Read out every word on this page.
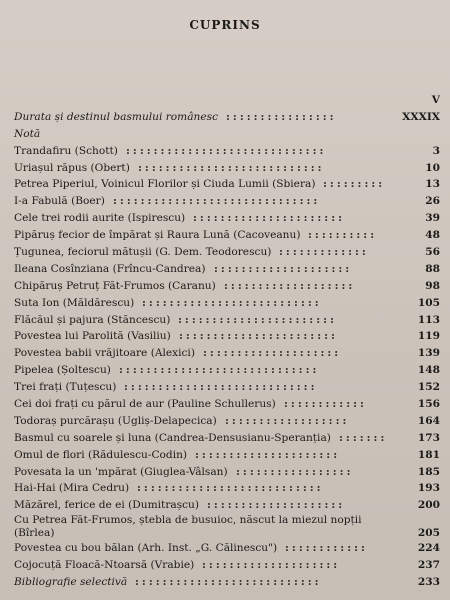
CUPRINS
V
Durata și destinul basmului românesc	XXXIX
::::::::::::::::
Notă
Trandafiru (Schott)	3
:::::::::::::::::::::::::::::
Uriașul răpus (Obert)	10
:::::::::::::::::::::::::::
Petrea Piperiul, Voinicul Florilor și Ciuda Lumii (Sbiera)	13
:::::::::
I-a Fabulă (Boer)	26
::::::::::::::::::::::::::::::
Cele trei rodii aurite (Ispirescu)	39
::::::::::::::::::::::
Pipăruș fecior de împărat și Raura Lună (Cacoveanu)	48
::::::::::
Țugunea, feciorul mătușii (G. Dem. Teodorescu)	56
:::::::::::::
Ileana Cosînziana (Frîncu-Candrea)	88
::::::::::::::::::::
Chipăruș Petruț Făt-Frumos (Caranu)	98
:::::::::::::::::::
Suta Ion (Măldărescu)	105
::::::::::::::::::::::::::
Flăcăul și pajura (Stăncescu)	113
:::::::::::::::::::::::
Povestea lui Parolită (Vasiliu)	119
:::::::::::::::::::::::
Povestea babii vrăjitoare (Alexici)	139
::::::::::::::::::::
Pipelea (Șoltescu)	148
:::::::::::::::::::::::::::::
Trei frați (Tuțescu)	152
::::::::::::::::::::::::::::
Cei doi frați cu părul de aur (Pauline Schullerus)	156
::::::::::::
Todoraș purcărașu (Ugliș-Delapecica)	164
::::::::::::::::::
Basmul cu soarele și luna (Candrea-Densusianu-Speranția)	173
:::::::
Omul de flori (Rădulescu-Codin)	181
:::::::::::::::::::::
Povesata la un 'mpărat (Giuglea-Vâlsan)	185
:::::::::::::::::
Hai-Hai (Mira Cedru)	193
:::::::::::::::::::::::::::
Măzărel, ferice de ei (Dumitrașcu)	200
::::::::::::::::::::
Cu Petrea Făt-Frumos, ștebla de busuioc, născut la miezul nopții (Bîrlea)	205
Povestea cu bou bălan (Arh. Inst. „G. Călinescu")	224
::::::::::::
Cojocuță Floacă-Ntoarsă (Vrabie)	237
::::::::::::::::::::
Bibliografie selectivă	233
:::::::::::::::::::::::::::
